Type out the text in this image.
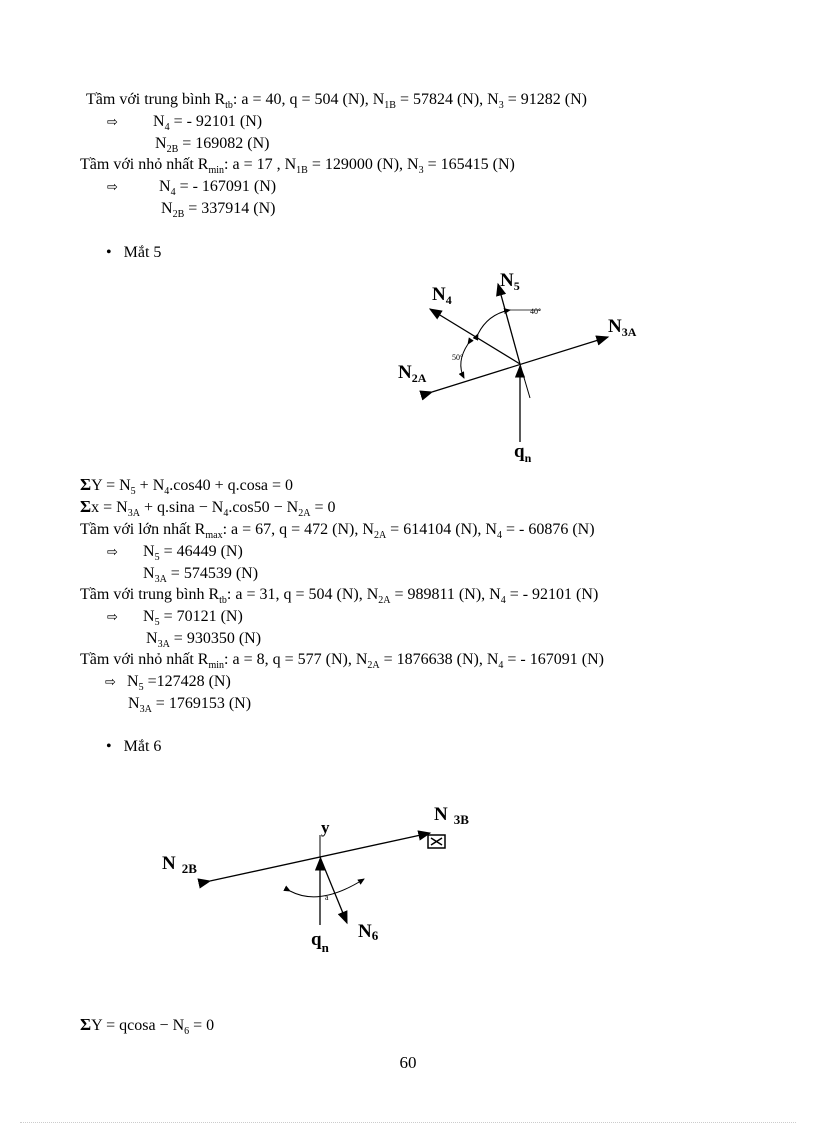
Tầm với trung bình $R_{tb}$: a = 40, q = 504 (N), $N_{1B} = 57824$ (N), $N_3 = 91282$ (N)
⇨ $N_4$ = - 92101 (N)
$N_{2B} = 169082$ (N)
Tầm với nhỏ nhất $R_{min}$: a = 17 , $N_{1B} = 129000$ (N), $N_3 = 165415$ (N)
⇨	$N_4$ = - 167091 (N)
$N_{2B} = 337914$ (N)
• Mắt 5
$N_4$
$N_5$
$N_{3A}$
$N_{2A}$
$q_n$
40°
50°
$\Sigma Y = N_5 + N_4.\cos 40 + q.\cos a = 0$
$\Sigma x = N_{3A} + q.\sin a - N_4.\cos 50 - N_{2A} = 0$
Tầm với lớn nhất $R_{max}$: a = 67, q = 472 (N), $N_{2A} = 614104$ (N), $N_4$ = - 60876 (N)
⇨ $N_5 = 46449$ (N)
$N_{3A} = 574539$ (N)
Tầm với trung bình $R_{tb}$: a = 31, q = 504 (N), $N_{2A} = 989811$ (N), $N_4$ = - 92101 (N)
⇨ $N_5 = 70121$ (N)
$N_{3A} = 930350$ (N)
Tầm với nhỏ nhất $R_{min}$: a = 8, q = 577 (N), $N_{2A} = 1876638$ (N), $N_4$ = - 167091 (N)
⇨ $N_5 =127428$ (N)
$N_{3A} = 1769153$ (N)
• Mắt 6
y
N $_{3B}$
N $_{2B}$
N6
$q_n$
a
$\Sigma Y = qcosa - N_6 = 0$
60
